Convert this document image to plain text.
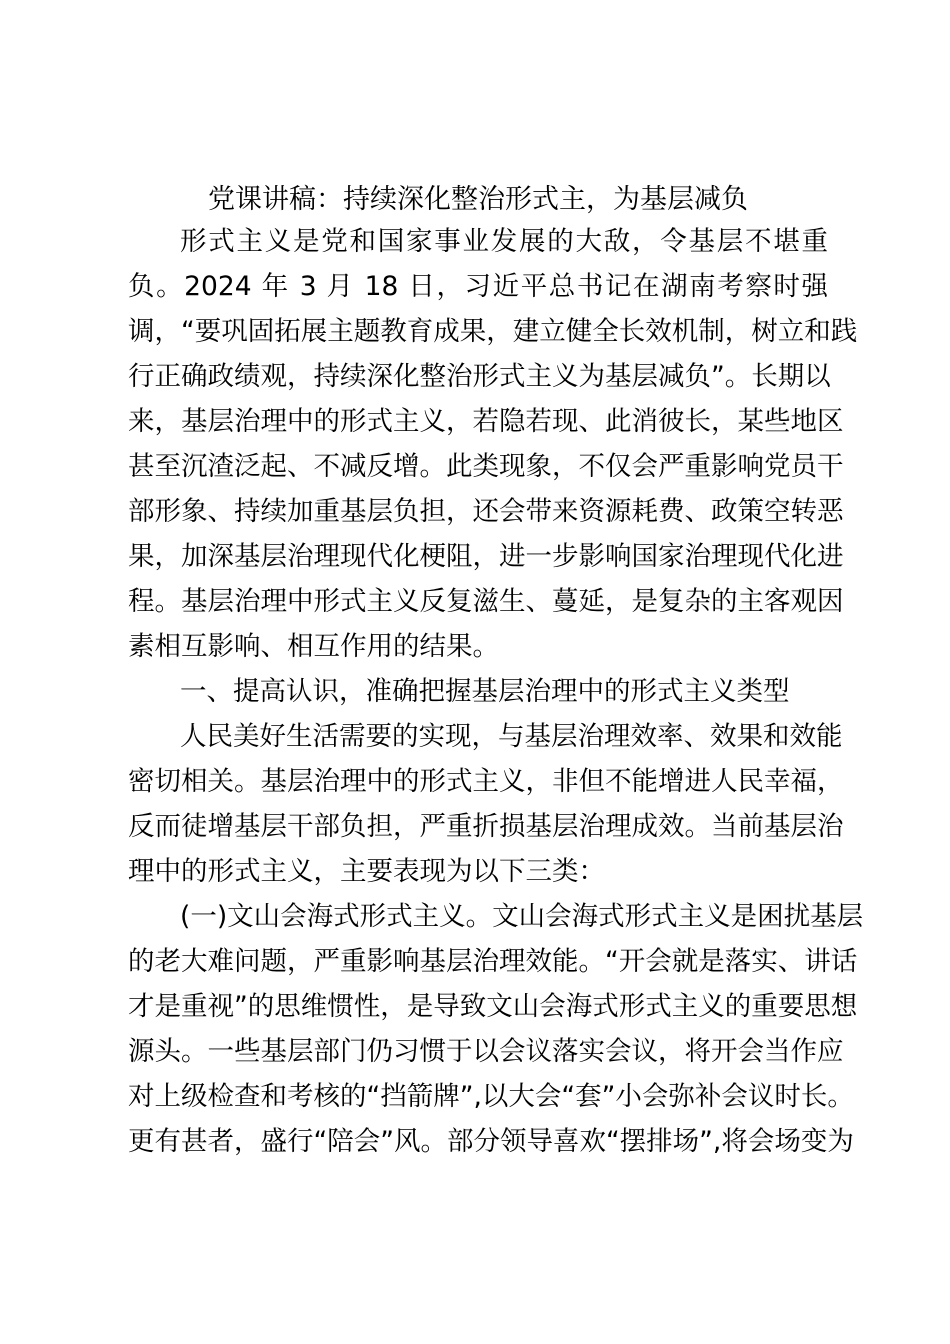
党课讲稿：持续深化整治形式主，为基层减负
形式主义是党和国家事业发展的大敌，令基层不堪重
负。2024 年 3 月 18 日，习近平总书记在湖南考察时强
调，“要巩固拓展主题教育成果，建立健全长效机制，树立和践
行正确政绩观，持续深化整治形式主义为基层减负”。长期以
来，基层治理中的形式主义，若隐若现、此消彼长，某些地区
甚至沉渣泛起、不减反增。此类现象，不仅会严重影响党员干
部形象、持续加重基层负担，还会带来资源耗费、政策空转恶
果，加深基层治理现代化梗阻，进一步影响国家治理现代化进
程。基层治理中形式主义反复滋生、蔓延，是复杂的主客观因
素相互影响、相互作用的结果。
一、提高认识，准确把握基层治理中的形式主义类型
人民美好生活需要的实现，与基层治理效率、效果和效能
密切相关。基层治理中的形式主义，非但不能增进人民幸福，
反而徒增基层干部负担，严重折损基层治理成效。当前基层治
理中的形式主义，主要表现为以下三类：
(一)文山会海式形式主义。文山会海式形式主义是困扰基层
的老大难问题，严重影响基层治理效能。“开会就是落实、讲话
才是重视”的思维惯性，是导致文山会海式形式主义的重要思想
源头。一些基层部门仍习惯于以会议落实会议，将开会当作应
对上级检查和考核的“挡箭牌”,以大会“套”小会弥补会议时长。
更有甚者，盛行“陪会”风。部分领导喜欢“摆排场”,将会场变为
